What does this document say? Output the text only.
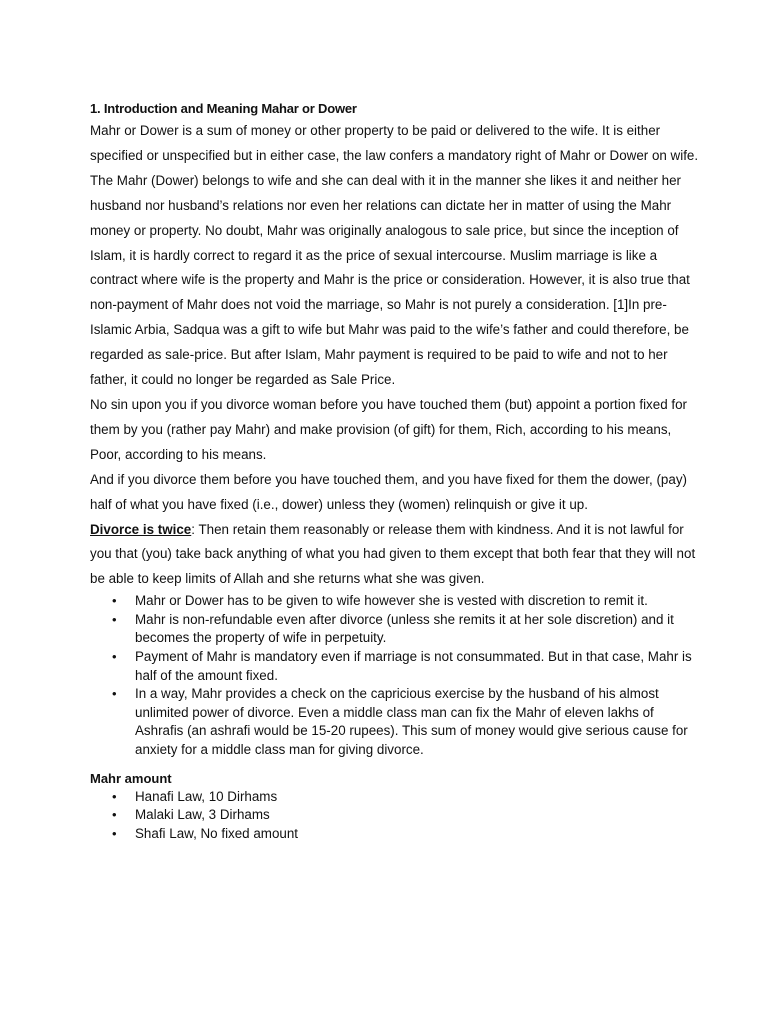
1. Introduction and Meaning Mahar or Dower

Mahr or Dower is a sum of money or other property to be paid or delivered to the wife. It is either specified or unspecified but in either case, the law confers a mandatory right of Mahr or Dower on wife.

The Mahr (Dower) belongs to wife and she can deal with it in the manner she likes it and neither her husband nor husband’s relations nor even her relations can dictate her in matter of using the Mahr money or property. No doubt, Mahr was originally analogous to sale price, but since the inception of Islam, it is hardly correct to regard it as the price of sexual intercourse. Muslim marriage is like a contract where wife is the property and Mahr is the price or consideration. However, it is also true that non-payment of Mahr does not void the marriage, so Mahr is not purely a consideration. [1]In pre-Islamic Arbia, Sadqua was a gift to wife but Mahr was paid to the wife’s father and could therefore, be regarded as sale-price. But after Islam, Mahr payment is required to be paid to wife and not to her father, it could no longer be regarded as Sale Price.

No sin upon you if you divorce woman before you have touched them (but) appoint a portion fixed for them by you (rather pay Mahr) and make provision (of gift) for them, Rich, according to his means, Poor, according to his means.

And if you divorce them before you have touched them, and you have fixed for them the dower, (pay) half of what you have fixed (i.e., dower) unless they (women) relinquish or give it up.

Divorce is twice: Then retain them reasonably or release them with kindness. And it is not lawful for you that (you) take back anything of what you had given to them except that both fear that they will not be able to keep limits of Allah and she returns what she was given.

• Mahr or Dower has to be given to wife however she is vested with discretion to remit it.
• Mahr is non-refundable even after divorce (unless she remits it at her sole discretion) and it becomes the property of wife in perpetuity.
• Payment of Mahr is mandatory even if marriage is not consummated. But in that case, Mahr is half of the amount fixed.
• In a way, Mahr provides a check on the capricious exercise by the husband of his almost unlimited power of divorce. Even a middle class man can fix the Mahr of eleven lakhs of Ashrafis (an ashrafi would be 15-20 rupees). This sum of money would give serious cause for anxiety for a middle class man for giving divorce.

Mahr amount

• Hanafi Law, 10 Dirhams
• Malaki Law, 3 Dirhams
• Shafi Law, No fixed amount
